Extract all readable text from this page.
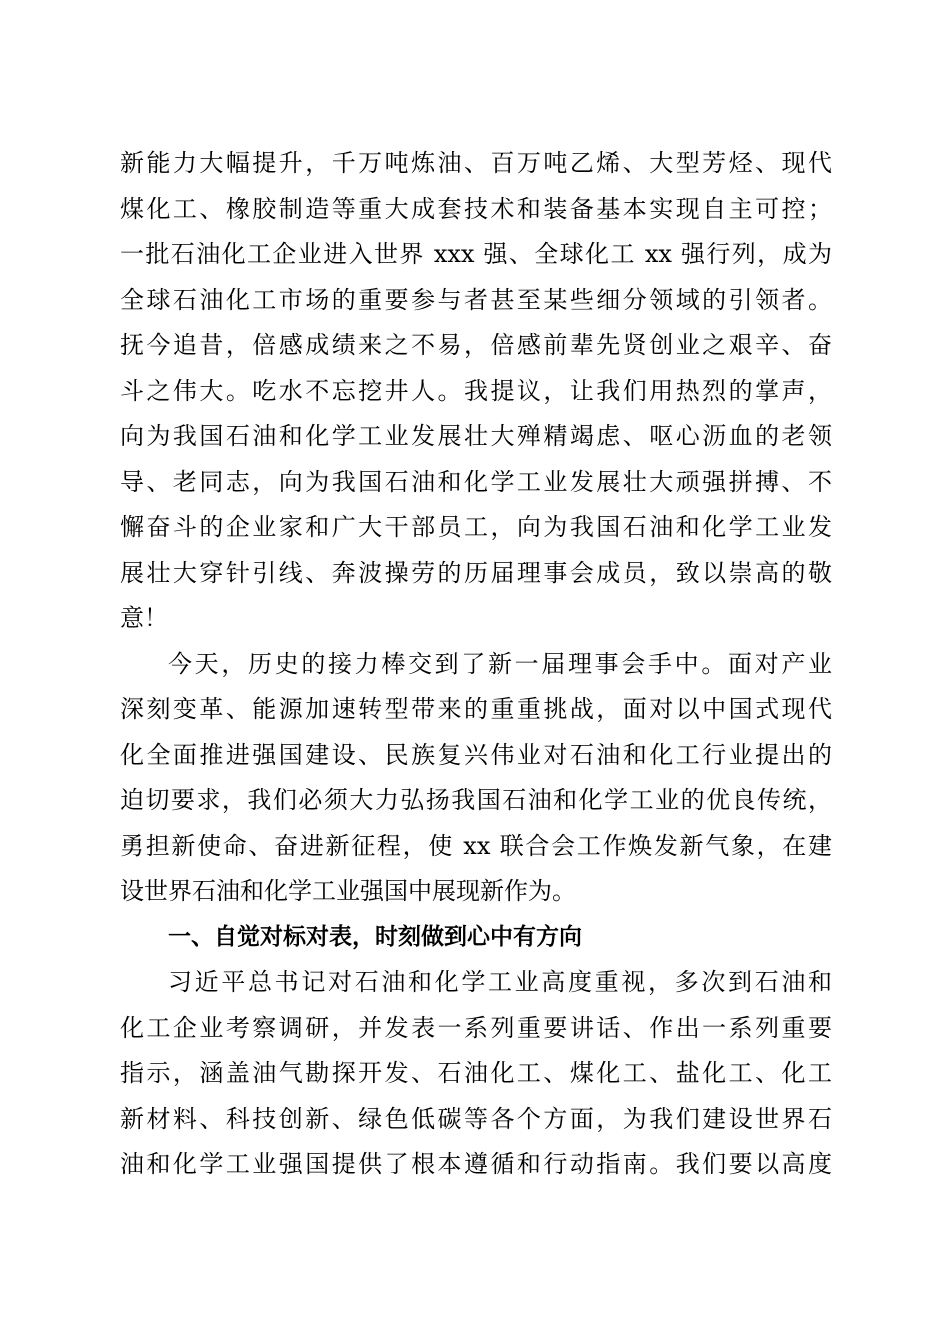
新能力大幅提升，千万吨炼油、百万吨乙烯、大型芳烃、现代
煤化工、橡胶制造等重大成套技术和装备基本实现自主可控；
一批石油化工企业进入世界 xxx 强、全球化工 xx 强行列，成为
全球石油化工市场的重要参与者甚至某些细分领域的引领者。
抚今追昔，倍感成绩来之不易，倍感前辈先贤创业之艰辛、奋
斗之伟大。吃水不忘挖井人。我提议，让我们用热烈的掌声，
向为我国石油和化学工业发展壮大殚精竭虑、呕心沥血的老领
导、老同志，向为我国石油和化学工业发展壮大顽强拼搏、不
懈奋斗的企业家和广大干部员工，向为我国石油和化学工业发
展壮大穿针引线、奔波操劳的历届理事会成员，致以崇高的敬
意！
今天，历史的接力棒交到了新一届理事会手中。面对产业
深刻变革、能源加速转型带来的重重挑战，面对以中国式现代
化全面推进强国建设、民族复兴伟业对石油和化工行业提出的
迫切要求，我们必须大力弘扬我国石油和化学工业的优良传统，
勇担新使命、奋进新征程，使 xx 联合会工作焕发新气象，在建
设世界石油和化学工业强国中展现新作为。
一、自觉对标对表，时刻做到心中有方向
习近平总书记对石油和化学工业高度重视，多次到石油和
化工企业考察调研，并发表一系列重要讲话、作出一系列重要
指示，涵盖油气勘探开发、石油化工、煤化工、盐化工、化工
新材料、科技创新、绿色低碳等各个方面，为我们建设世界石
油和化学工业强国提供了根本遵循和行动指南。我们要以高度
